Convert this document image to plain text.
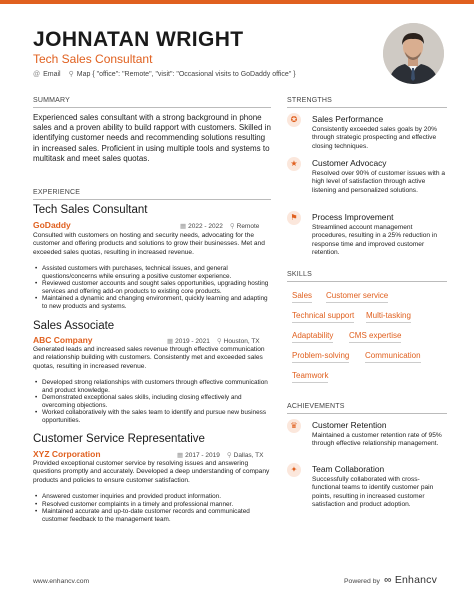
JOHNATAN WRIGHT
Tech Sales Consultant
@ Email ⚲ Map { "office": "Remote", "visit": "Occasional visits to GoDaddy office" }
SUMMARY
Experienced sales consultant with a strong background in phone sales and a proven ability to build rapport with customers. Skilled in identifying customer needs and recommending solutions resulting in increased sales. Proficient in using multiple tools and systems to multitask and meet sales quotas.
EXPERIENCE
Tech Sales Consultant
GoDaddy	▦ 2022 - 2022 ⚲ Remote
Consulted with customers on hosting and security needs, advocating for the customer and offering products and solutions to grow their businesses. Met and exceeded sales quotas, resulting in increased revenue.
• Assisted customers with purchases, technical issues, and general questions/concerns while ensuring a positive customer experience.
• Reviewed customer accounts and sought sales opportunities, upgrading hosting services and offering add-on products to existing core products.
• Maintained a dynamic and changing environment, quickly learning and adapting to new products and systems.
Sales Associate
ABC Company	▦ 2019 - 2021 ⚲ Houston, TX
Generated leads and increased sales revenue through effective communication and relationship building with customers. Consistently met and exceeded sales quotas, resulting in increased revenue.
• Developed strong relationships with customers through effective communication and product knowledge.
• Demonstrated exceptional sales skills, including closing effectively and overcoming objections.
• Worked collaboratively with the sales team to identify and pursue new business opportunities.
Customer Service Representative
XYZ Corporation	▦ 2017 - 2019 ⚲ Dallas, TX
Provided exceptional customer service by resolving issues and answering questions promptly and accurately. Developed a deep understanding of company products and policies to ensure customer satisfaction.
• Answered customer inquiries and provided product information.
• Resolved customer complaints in a timely and professional manner.
• Maintained accurate and up-to-date customer records and communicated customer feedback to the management team.
STRENGTHS
✪	Sales Performance
Consistently exceeded sales goals by 20% through strategic prospecting and effective closing techniques.
★	Customer Advocacy
Resolved over 90% of customer issues with a high level of satisfaction through active listening and personalized solutions.
⚑	Process Improvement
Streamlined account management procedures, resulting in a 25% reduction in response time and improved customer retention.
SKILLS
Sales Customer service
Technical support Multi-tasking
Adaptability CMS expertise
Problem-solving Communication
Teamwork
ACHIEVEMENTS
♛	Customer Retention
Maintained a customer retention rate of 95% through effective relationship management.
✦	Team Collaboration
Successfully collaborated with cross-functional teams to identify customer pain points, resulting in increased customer satisfaction and product adoption.
www.enhancv.com	Powered by ∞ Enhancv
